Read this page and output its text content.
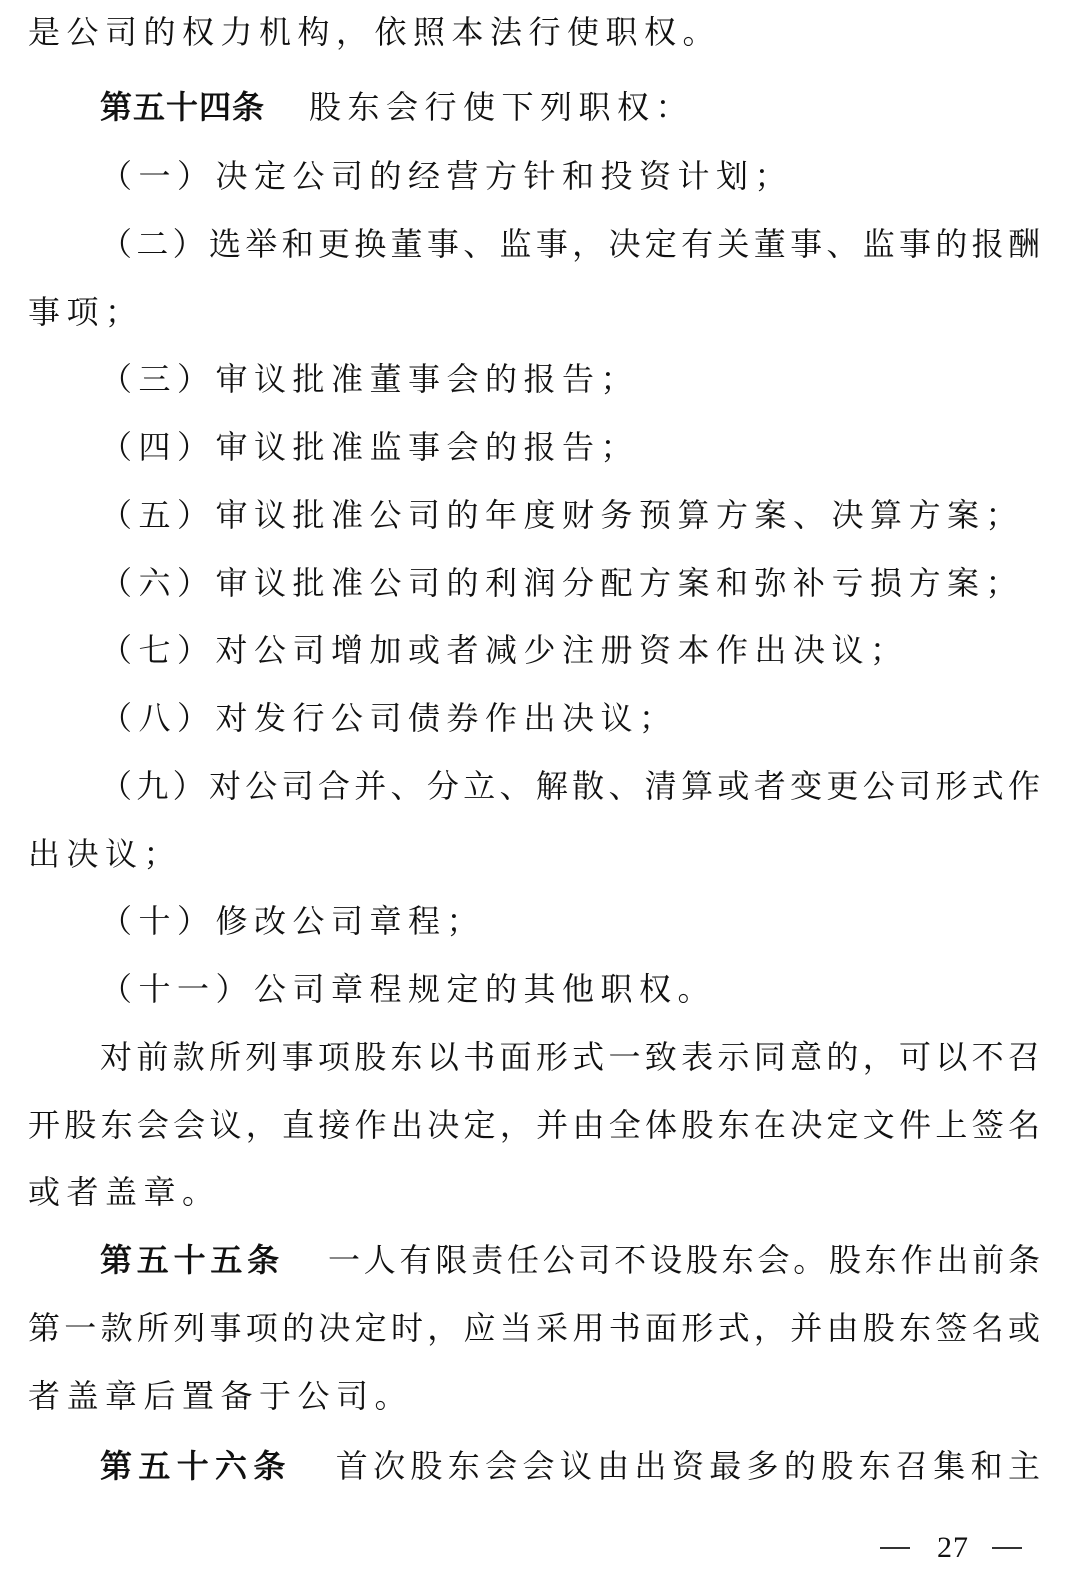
是公司的权力机构，依照本法行使职权。
第五十四条 股东会行使下列职权：
（一）决定公司的经营方针和投资计划；
（二）选举和更换董事、监事，决定有关董事、监事的报酬
事项；
（三）审议批准董事会的报告；
（四）审议批准监事会的报告；
（五）审议批准公司的年度财务预算方案、决算方案；
（六）审议批准公司的利润分配方案和弥补亏损方案；
（七）对公司增加或者减少注册资本作出决议；
（八）对发行公司债券作出决议；
（九）对公司合并、分立、解散、清算或者变更公司形式作
出决议；
（十）修改公司章程；
（十一）公司章程规定的其他职权。
对前款所列事项股东以书面形式一致表示同意的，可以不召
开股东会会议，直接作出决定，并由全体股东在决定文件上签名
或者盖章。
第五十五条 一人有限责任公司不设股东会。股东作出前条
第一款所列事项的决定时，应当采用书面形式，并由股东签名或
者盖章后置备于公司。
第五十六条 首次股东会会议由出资最多的股东召集和主
27
